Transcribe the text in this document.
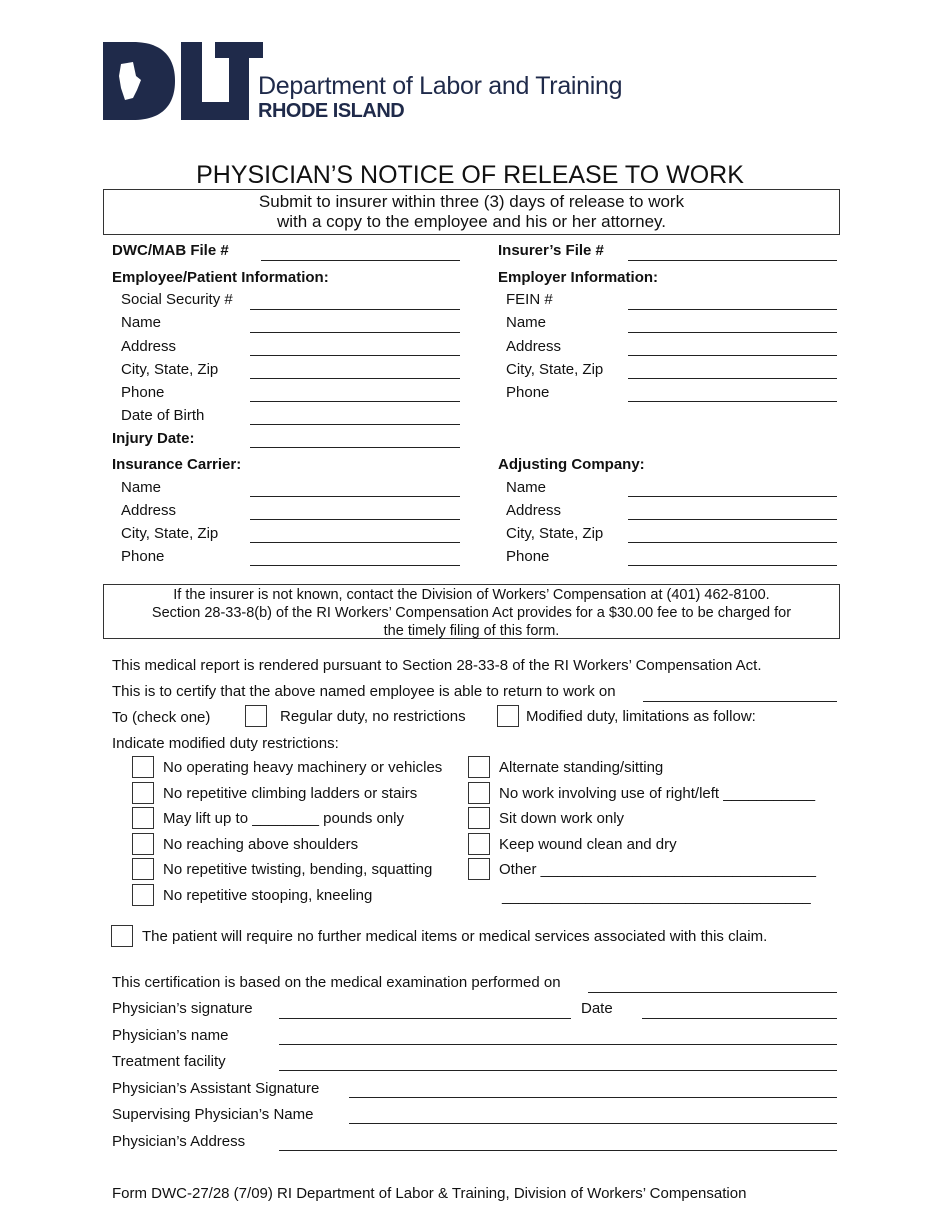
Department of Labor and Training
RHODE ISLAND
PHYSICIAN’S NOTICE OF RELEASE TO WORK
Submit to insurer within three (3) days of release to work
with a copy to the employee and his or her attorney.
DWC/MAB File #
Employee/Patient Information:
Social Security #
Name
Address
City, State, Zip
Phone
Date of Birth
Injury Date:
Insurance Carrier:
Name
Address
City, State, Zip
Phone
Insurer’s File #
Employer Information:
FEIN #
Name
Address
City, State, Zip
Phone
Adjusting Company:
Name
Address
City, State, Zip
Phone
If the insurer is not known, contact the Division of Workers’ Compensation at (401) 462-8100.
Section 28-33-8(b) of the RI Workers’ Compensation Act provides for a $30.00 fee to be charged for
the timely filing of this form.
This medical report is rendered pursuant to Section 28-33-8 of the RI Workers’ Compensation Act.
This is to certify that the above named employee is able to return to work on
To (check one)	Regular duty, no restrictions	Modified duty, limitations as follow:
Indicate modified duty restrictions:
No operating heavy machinery or vehicles
No repetitive climbing ladders or stairs
May lift up to ________ pounds only
No reaching above shoulders
No repetitive twisting, bending, squatting
No repetitive stooping, kneeling
Alternate standing/sitting
No work involving use of right/left ___________
Sit down work only
Keep wound clean and dry
Other _________________________________
_____________________________________
The patient will require no further medical items or medical services associated with this claim.
This certification is based on the medical examination performed on
Physician’s signature	Date
Physician’s name
Treatment facility
Physician’s Assistant Signature
Supervising Physician’s Name
Physician’s Address
Form DWC-27/28 (7/09) RI Department of Labor & Training, Division of Workers’ Compensation
